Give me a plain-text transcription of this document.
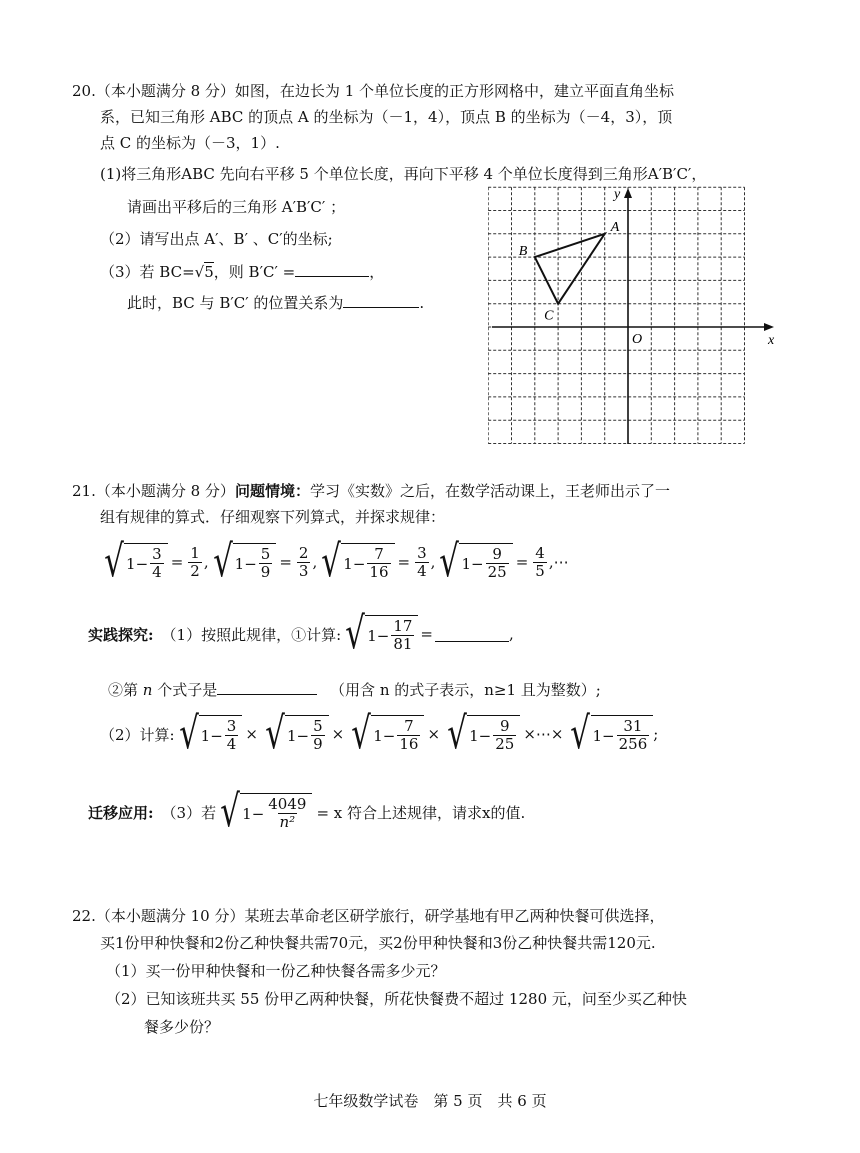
20.（本小题满分 8 分）如图，在边长为 1 个单位长度的正方形网格中，建立平面直角坐标
系，已知三角形 ABC 的顶点 A 的坐标为（－1，4），顶点 B 的坐标为（－4，3），顶
点 C 的坐标为（－3，1）.
(1)将三角形ABC 先向右平移 5 个单位长度，再向下平移 4 个单位长度得到三角形A′B′C′，
请画出平移后的三角形 A′B′C′ ；
（2）请写出点 A′、B′ 、C′的坐标;
（3）若 BC=√5，则 B′C′ =	，
此时，BC 与 B′C′ 的位置关系为	.
x
y
O
A
B
C
21.（本小题满分 8 分）问题情境：学习《实数》之后，在数学活动课上，王老师出示了一
组有规律的算式．仔细观察下列算式，并探求规律：
√ $1 - \frac{3}{4} = \frac{1}{2}$ , √ $1 - \frac{5}{9} = \frac{2}{3}$ , √ $1 - \frac{7}{16} = \frac{3}{4}$ , √ $1 - \frac{9}{25} = \frac{4}{5}$ ,⋯
实践探究: （1）按照此规律，①计算: √ $1 - \frac{17}{81}$ =	,
②第 n 个式子是	（用含 n 的式子表示，n≥1 且为整数）;
（2）计算: √ $1 - \frac{3}{4}$ × √ $1 - \frac{5}{9}$ × √ $1 - \frac{7}{16}$ × √ $1 - \frac{9}{25}$ ×⋯× √ $1 - \frac{31}{256}$ ;
迁移应用: （3）若 √ $1 - \frac{4049}{\text{n²}} = x$ 符合上述规律，请求x的值.
22.（本小题满分 10 分）某班去革命老区研学旅行，研学基地有甲乙两种快餐可供选择，
买1份甲种快餐和2份乙种快餐共需70元，买2份甲种快餐和3份乙种快餐共需120元.
（1）买一份甲种快餐和一份乙种快餐各需多少元？
（2）已知该班共买 55 份甲乙两种快餐，所花快餐费不超过 1280 元，问至少买乙种快
餐多少份？
七年级数学试卷　第 5 页　共 6 页
